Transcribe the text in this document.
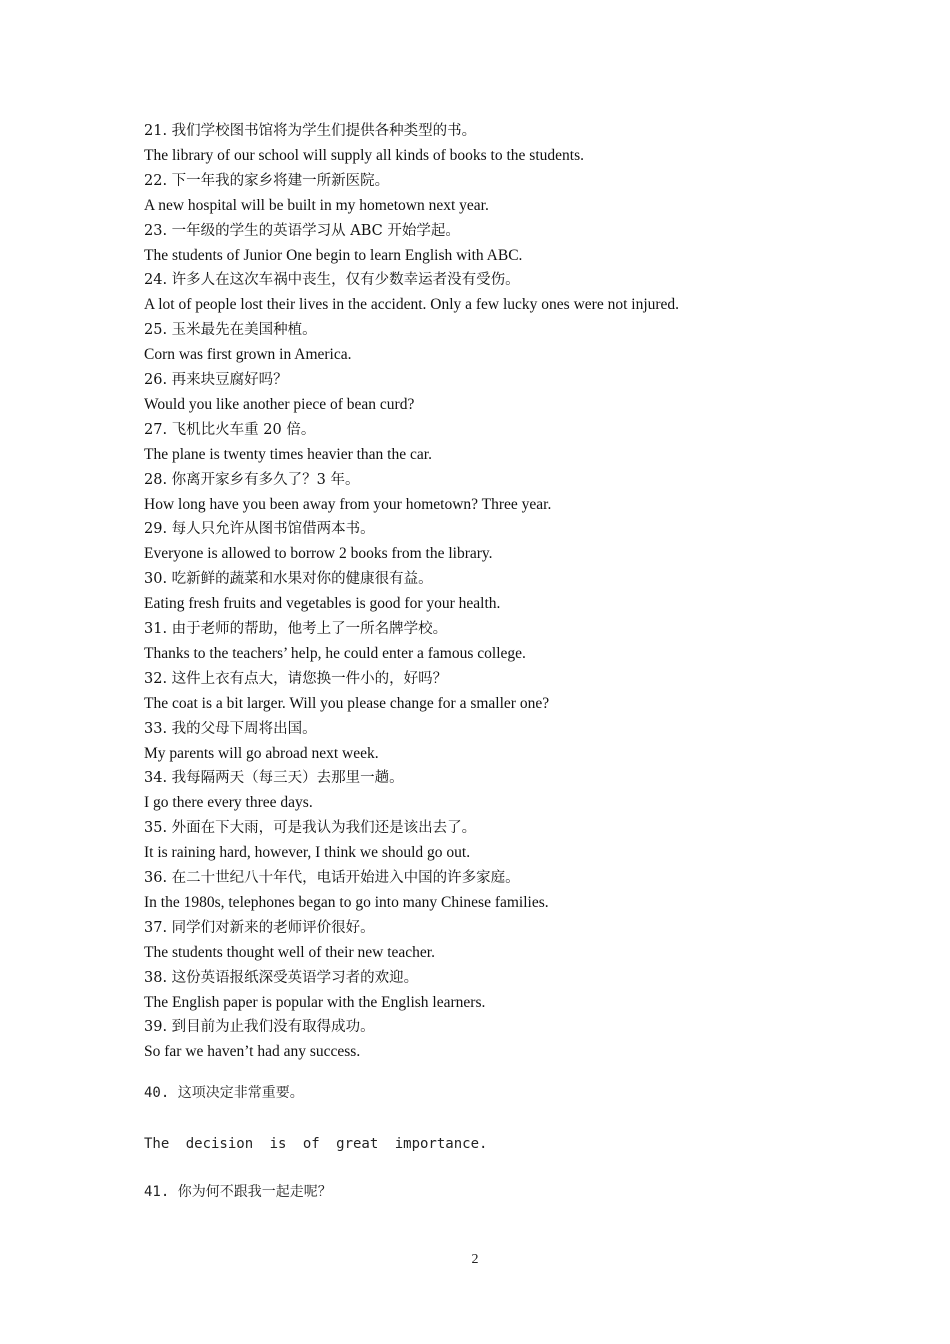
21. 我们学校图书馆将为学生们提供各种类型的书。
The library of our school will supply all kinds of books to the students.
22. 下一年我的家乡将建一所新医院。
A new hospital will be built in my hometown next year.
23. 一年级的学生的英语学习从 ABC 开始学起。
The students of Junior One begin to learn English with ABC.
24. 许多人在这次车祸中丧生，仅有少数幸运者没有受伤。
A lot of people lost their lives in the accident. Only a few lucky ones were not injured.
25. 玉米最先在美国种植。
Corn was first grown in America.
26. 再来块豆腐好吗？
Would you like another piece of bean curd?
27. 飞机比火车重 20 倍。
The plane is twenty times heavier than the car.
28. 你离开家乡有多久了？3 年。
How long have you been away from your hometown? Three year.
29. 每人只允许从图书馆借两本书。
Everyone is allowed to borrow 2 books from the library.
30. 吃新鲜的蔬菜和水果对你的健康很有益。
Eating fresh fruits and vegetables is good for your health.
31. 由于老师的帮助，他考上了一所名牌学校。
Thanks to the teachers’ help, he could enter a famous college.
32. 这件上衣有点大，请您换一件小的，好吗？
The coat is a bit larger. Will you please change for a smaller one?
33. 我的父母下周将出国。
My parents will go abroad next week.
34. 我每隔两天（每三天）去那里一趟。
I go there every three days.
35. 外面在下大雨，可是我认为我们还是该出去了。
It is raining hard, however, I think we should go out.
36. 在二十世纪八十年代，电话开始进入中国的许多家庭。
In the 1980s, telephones began to go into many Chinese families.
37. 同学们对新来的老师评价很好。
The students thought well of their new teacher.
38. 这份英语报纸深受英语学习者的欢迎。
The English paper is popular with the English learners.
39. 到目前为止我们没有取得成功。
So far we haven’t had any success.
40. 这项决定非常重要。
The decision is of great importance.
41. 你为何不跟我一起走呢？
2
